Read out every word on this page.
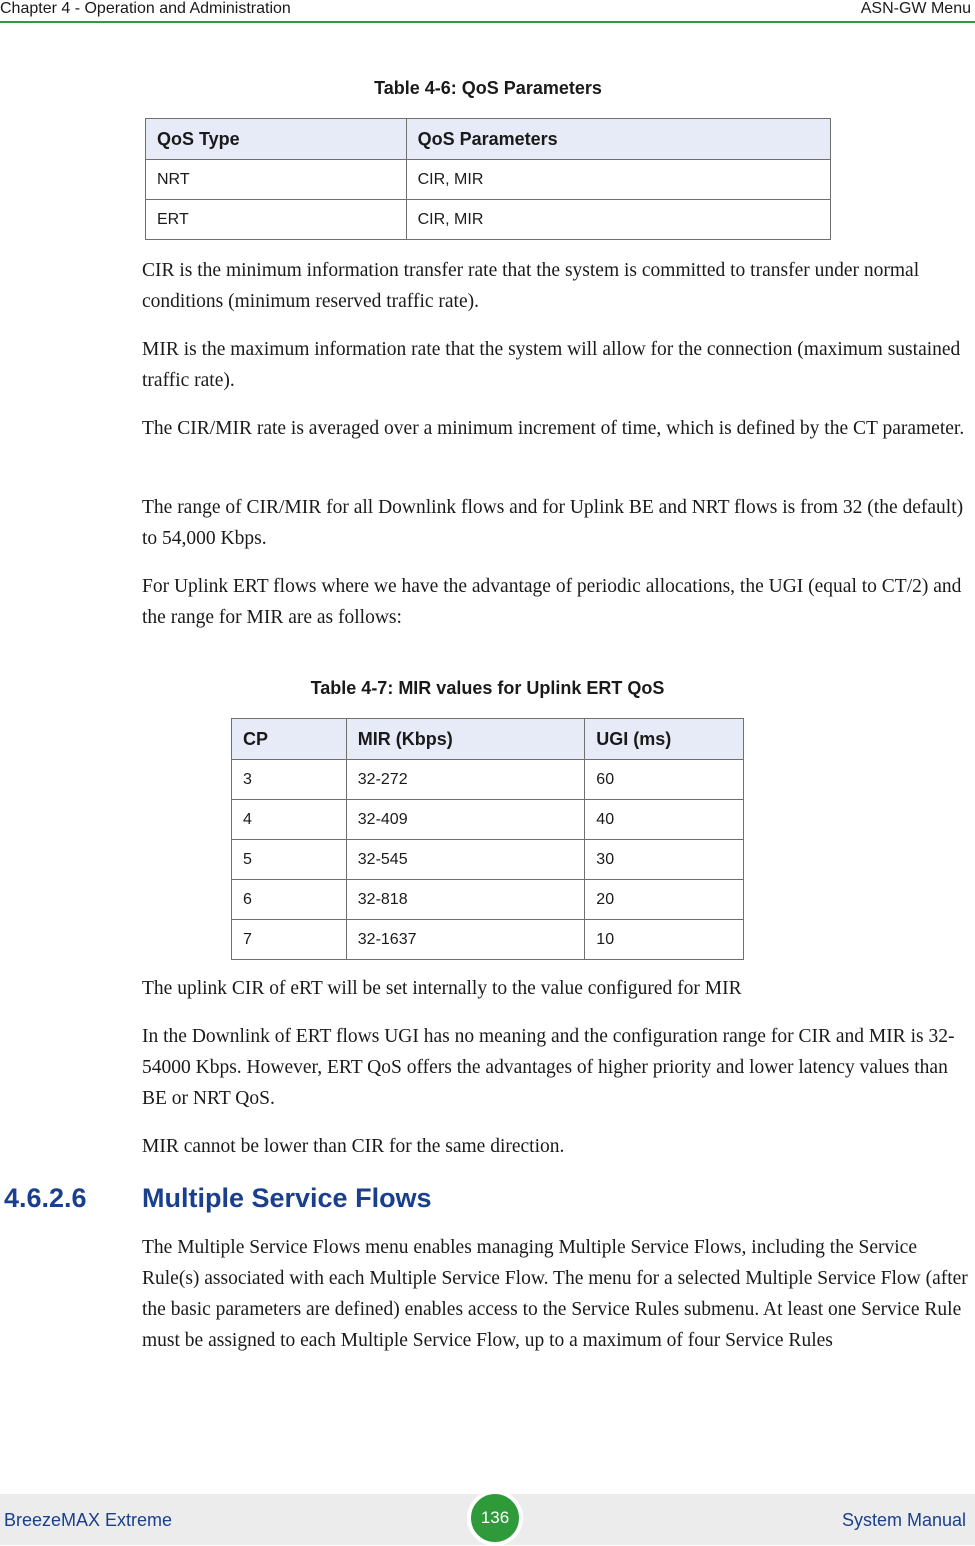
Chapter 4 - Operation and Administration	ASN-GW Menu
Table 4-6: QoS Parameters
QoS Type	QoS Parameters
NRT	CIR, MIR
ERT	CIR, MIR

CIR is the minimum information transfer rate that the system is committed to transfer under normal conditions (minimum reserved traffic rate).

MIR is the maximum information rate that the system will allow for the connection (maximum sustained traffic rate).

The CIR/MIR rate is averaged over a minimum increment of time, which is defined by the CT parameter.

The range of CIR/MIR for all Downlink flows and for Uplink BE and NRT flows is from 32 (the default) to 54,000 Kbps.

For Uplink ERT flows where we have the advantage of periodic allocations, the UGI (equal to CT/2) and the range for MIR are as follows:

Table 4-7: MIR values for Uplink ERT QoS
CP	MIR (Kbps)	UGI (ms)
3	32-272	60
4	32-409	40
5	32-545	30
6	32-818	20
7	32-1637	10

The uplink CIR of eRT will be set internally to the value configured for MIR

In the Downlink of ERT flows UGI has no meaning and the configuration range for CIR and MIR is 32-54000 Kbps. However, ERT QoS offers the advantages of higher priority and lower latency values than BE or NRT QoS.

MIR cannot be lower than CIR for the same direction.

4.6.2.6 Multiple Service Flows

The Multiple Service Flows menu enables managing Multiple Service Flows, including the Service Rule(s) associated with each Multiple Service Flow. The menu for a selected Multiple Service Flow (after the basic parameters are defined) enables access to the Service Rules submenu. At least one Service Rule must be assigned to each Multiple Service Flow, up to a maximum of four Service Rules

BreezeMAX Extreme	136	System Manual
